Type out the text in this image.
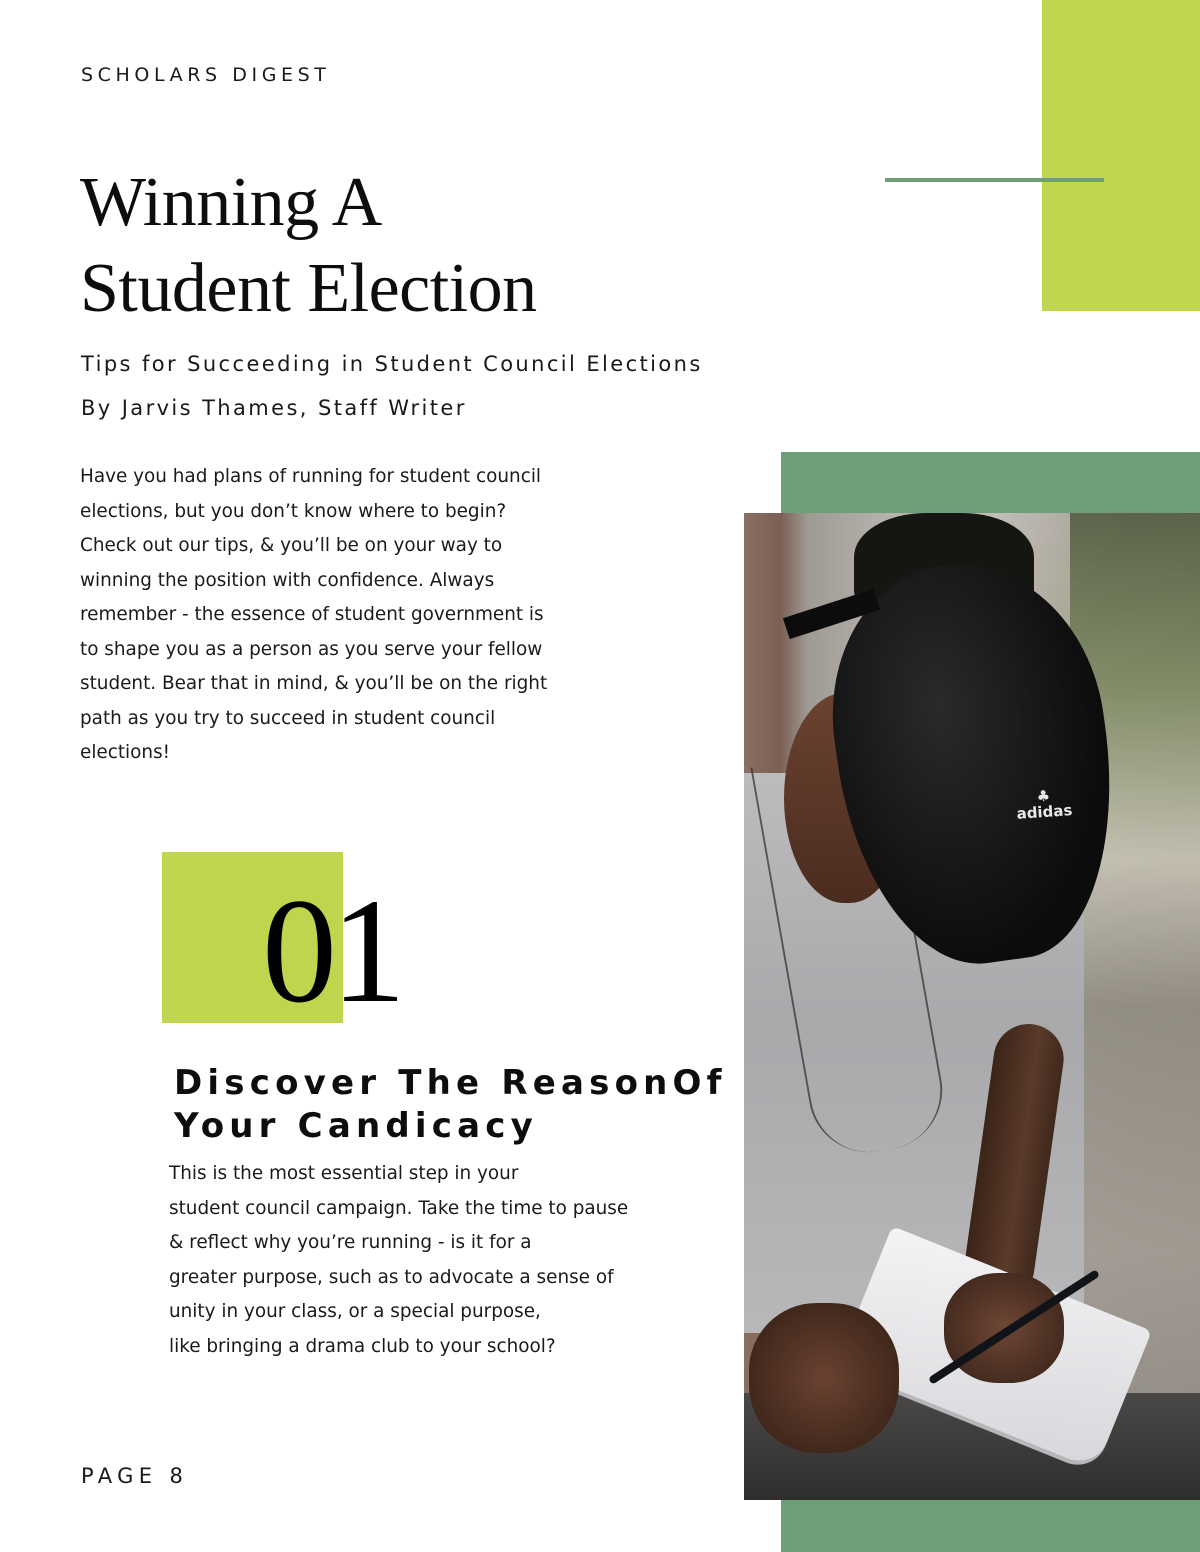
SCHOLARS DIGEST
Winning A
Student Election
Tips for Succeeding in Student Council Elections
By Jarvis Thames, Staff Writer
Have you had plans of running for student council
elections, but you don’t know where to begin?
Check out our tips, & you’ll be on your way to
winning the position with confidence. Always
remember - the essence of student government is
to shape you as a person as you serve your fellow
student. Bear that in mind, & you’ll be on the right
path as you try to succeed in student council
elections!
♣
adidas
01
Discover The ReasonOf
Your Candicacy
This is the most essential step in your
student council campaign. Take the time to pause
& reflect why you’re running - is it for a
greater purpose, such as to advocate a sense of
unity in your class, or a special purpose,
like bringing a drama club to your school?
PAGE 8
